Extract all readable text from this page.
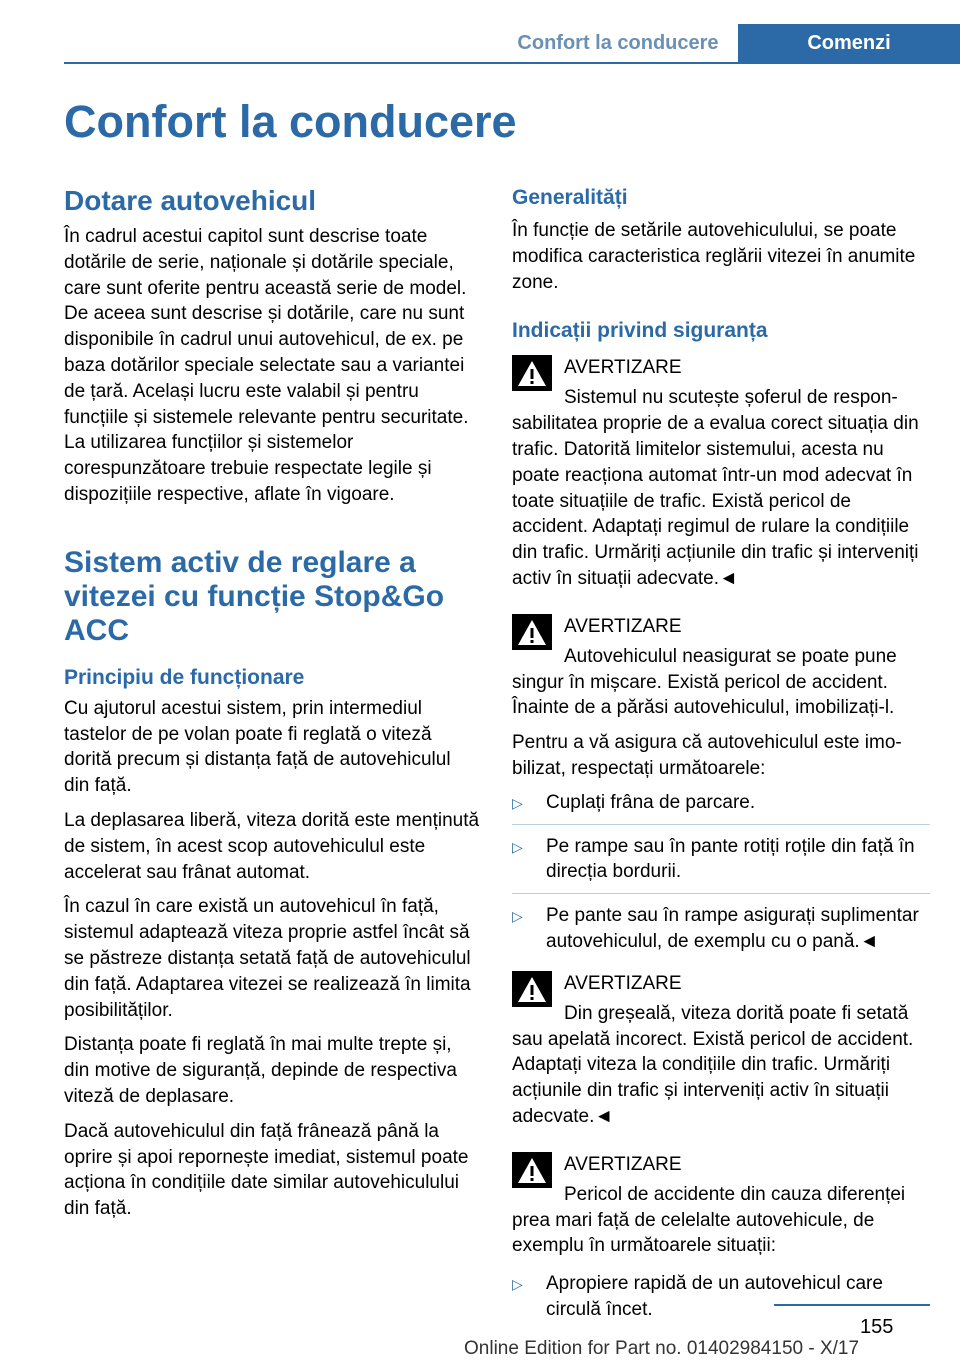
Confort la conducere	Comenzi
Confort la conducere
Dotare autovehicul

În cadrul acestui capitol sunt descrise toate dotările de serie, naționale și dotările speciale, care sunt oferite pentru această serie de model. De aceea sunt descrise și dotările, care nu sunt disponibile în cadrul unui autovehicul, de ex. pe baza dotărilor speciale selectate sau a variantei de țară. Același lucru este valabil și pentru funcțiile și sistemele relevante pentru securitate. La utilizarea funcțiilor și sistemelor corespunzătoare trebuie respectate legile și dispozițiile respective, aflate în vigoare.

Sistem activ de reglare a vitezei cu funcție Stop&Go ACC
Principiu de funcționare

Cu ajutorul acestui sistem, prin intermediul tastelor de pe volan poate fi reglată o viteză dorită precum și distanța față de autovehiculul din față.

La deplasarea liberă, viteza dorită este menținută de sistem, în acest scop autovehiculul este accelerat sau frânat automat.

În cazul în care există un autovehicul în față, sistemul adaptează viteza proprie astfel încât să se păstreze distanța setată față de autovehiculul din față. Adaptarea vitezei se realizează în limita posibilităților.

Distanța poate fi reglată în mai multe trepte și, din motive de siguranță, depinde de respectiva viteză de deplasare.

Dacă autovehiculul din față frânează până la oprire și apoi repornește imediat, sistemul poate acționa în condițiile date similar autovehiculului din față.

Generalități

În funcție de setările autovehiculului, se poate modifica caracteristica reglării vitezei în anumite zone.

Indicații privind siguranța
AVERTIZARE

Sistemul nu scutește șoferul de responsabilitatea proprie de a evalua corect situația din trafic. Datorită limitelor sistemului, acesta nu poate reacționa automat într-un mod adecvat în toate situațiile de trafic. Există pericol de accident. Adaptați regimul de rulare la condițiile din trafic. Urmăriți acțiunile din trafic și interveniți activ în situații adecvate.◄

AVERTIZARE

Autovehiculul neasigurat se poate pune singur în mișcare. Există pericol de accident. Înainte de a părăsi autovehiculul, imobilizați-l.

Pentru a vă asigura că autovehiculul este imobilizat, respectați următoarele:

▷ Cuplați frâna de parcare.
▷ Pe rampe sau în pante rotiți roțile din față în direcția bordurii.
▷ Pe pante sau în rampe asigurați suplimentar autovehiculul, de exemplu cu o pană.◄
AVERTIZARE

Din greșeală, viteza dorită poate fi setată sau apelată incorect. Există pericol de accident. Adaptați viteza la condițiile din trafic. Urmăriți acțiunile din trafic și interveniți activ în situații adecvate.◄

AVERTIZARE

Pericol de accidente din cauza diferenței prea mari față de celelalte autovehicule, de exemplu în următoarele situații:

▷ Apropiere rapidă de un autovehicul care circulă încet.
155
Online Edition for Part no. 01402984150 - X/17
